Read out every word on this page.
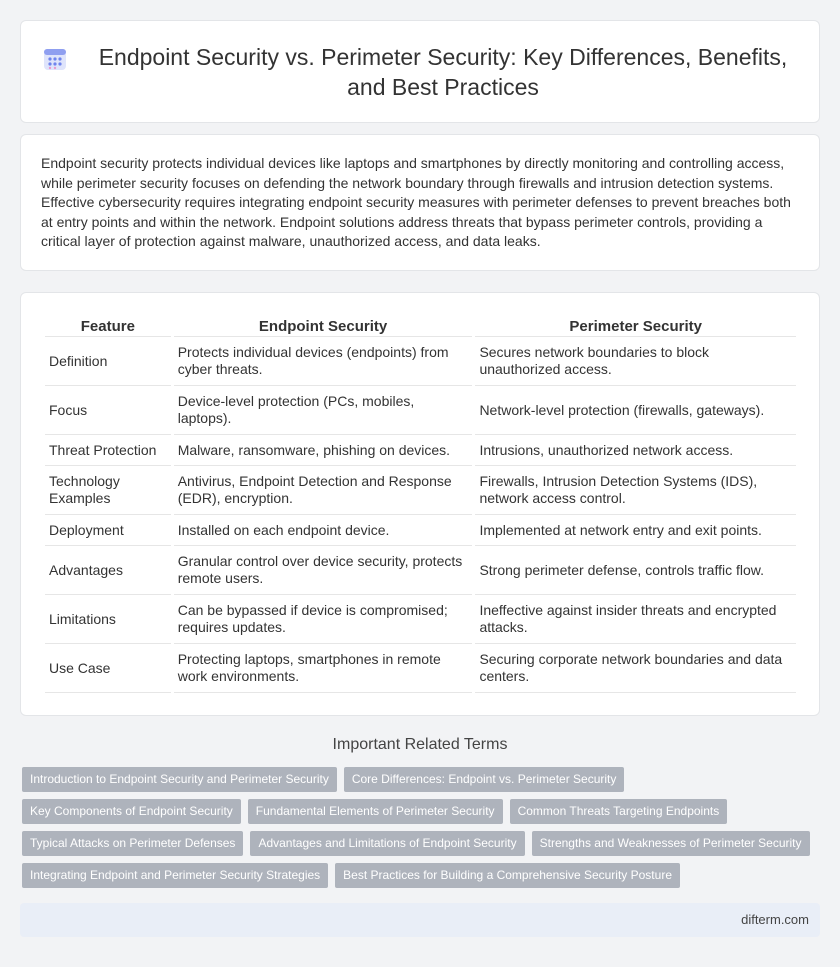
Endpoint Security vs. Perimeter Security: Key Differences, Benefits, and Best Practices

Endpoint security protects individual devices like laptops and smartphones by directly monitoring and controlling access, while perimeter security focuses on defending the network boundary through firewalls and intrusion detection systems. Effective cybersecurity requires integrating endpoint security measures with perimeter defenses to prevent breaches both at entry points and within the network. Endpoint solutions address threats that bypass perimeter controls, providing a critical layer of protection against malware, unauthorized access, and data leaks.

Feature	Endpoint Security	Perimeter Security
Definition	Protects individual devices (endpoints) from cyber threats.	Secures network boundaries to block unauthorized access.
Focus	Device-level protection (PCs, mobiles, laptops).	Network-level protection (firewalls, gateways).
Threat Protection	Malware, ransomware, phishing on devices.	Intrusions, unauthorized network access.
Technology Examples	Antivirus, Endpoint Detection and Response (EDR), encryption.	Firewalls, Intrusion Detection Systems (IDS), network access control.
Deployment	Installed on each endpoint device.	Implemented at network entry and exit points.
Advantages	Granular control over device security, protects remote users.	Strong perimeter defense, controls traffic flow.
Limitations	Can be bypassed if device is compromised; requires updates.	Ineffective against insider threats and encrypted attacks.
Use Case	Protecting laptops, smartphones in remote work environments.	Securing corporate network boundaries and data centers.
Important Related Terms
Introduction to Endpoint Security and Perimeter Security	Core Differences: Endpoint vs. Perimeter Security
Key Components of Endpoint Security	Fundamental Elements of Perimeter Security	Common Threats Targeting Endpoints
Typical Attacks on Perimeter Defenses	Advantages and Limitations of Endpoint Security	Strengths and Weaknesses of Perimeter Security
Integrating Endpoint and Perimeter Security Strategies	Best Practices for Building a Comprehensive Security Posture
difterm.com
